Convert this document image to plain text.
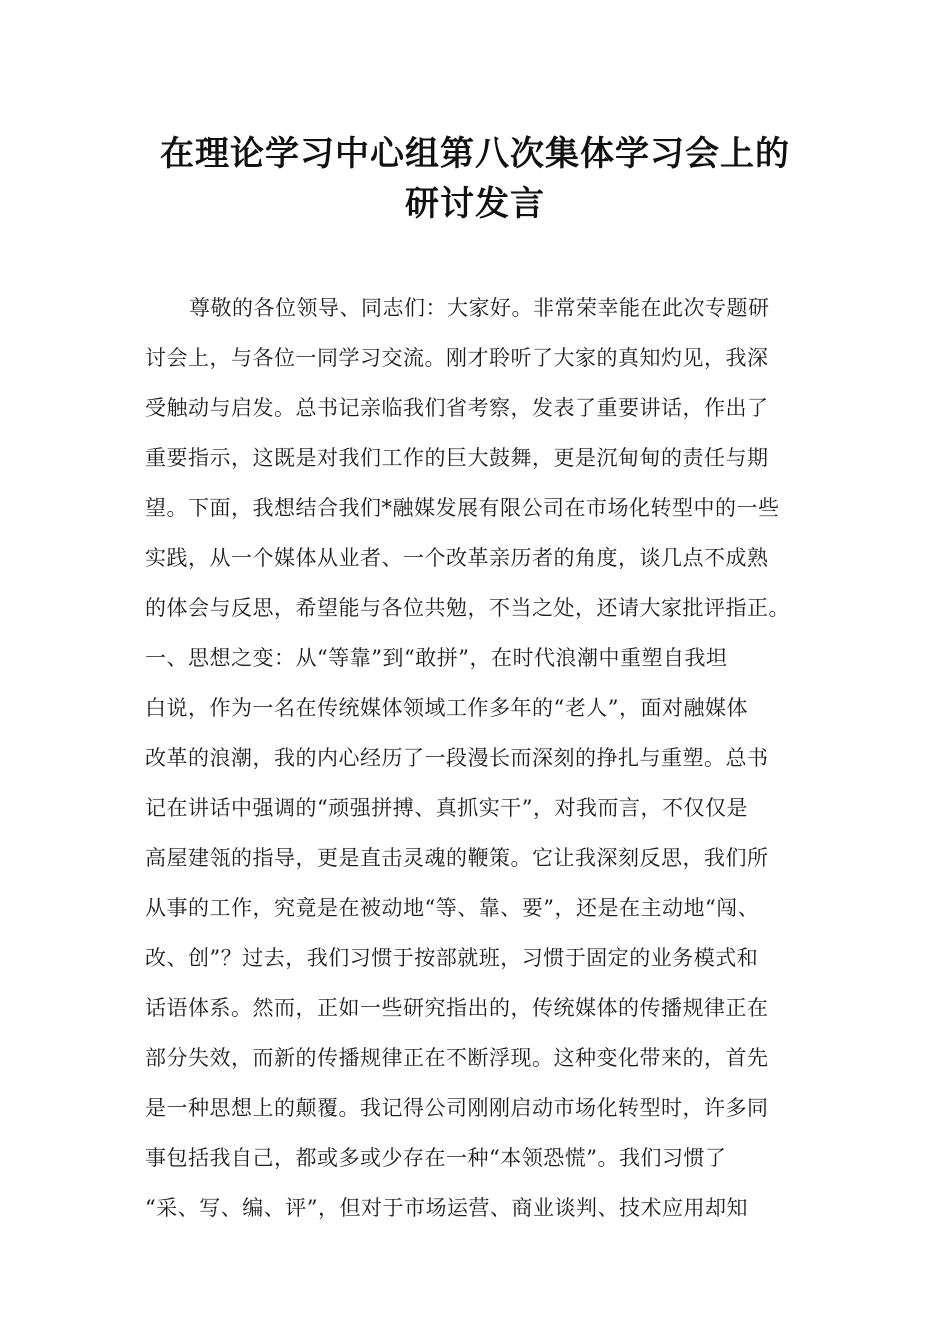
在理论学习中心组第八次集体学习会上的
研讨发言
尊敬的各位领导、同志们：大家好。非常荣幸能在此次专题研
讨会上，与各位一同学习交流。刚才聆听了大家的真知灼见，我深
受触动与启发。总书记亲临我们省考察，发表了重要讲话，作出了
重要指示，这既是对我们工作的巨大鼓舞，更是沉甸甸的责任与期
望。下面，我想结合我们*融媒发展有限公司在市场化转型中的一些
实践，从一个媒体从业者、一个改革亲历者的角度，谈几点不成熟
的体会与反思，希望能与各位共勉，不当之处，还请大家批评指正。
一、思想之变：从“等靠”到“敢拼”，在时代浪潮中重塑自我坦
白说，作为一名在传统媒体领域工作多年的“老人”，面对融媒体
改革的浪潮，我的内心经历了一段漫长而深刻的挣扎与重塑。总书
记在讲话中强调的“顽强拼搏、真抓实干”，对我而言，不仅仅是
高屋建瓴的指导，更是直击灵魂的鞭策。它让我深刻反思，我们所
从事的工作，究竟是在被动地“等、靠、要”，还是在主动地“闯、
改、创”？过去，我们习惯于按部就班，习惯于固定的业务模式和
话语体系。然而，正如一些研究指出的，传统媒体的传播规律正在
部分失效，而新的传播规律正在不断浮现。这种变化带来的，首先
是一种思想上的颠覆。我记得公司刚刚启动市场化转型时，许多同
事包括我自己，都或多或少存在一种“本领恐慌”。我们习惯了
“采、写、编、评”，但对于市场运营、商业谈判、技术应用却知
